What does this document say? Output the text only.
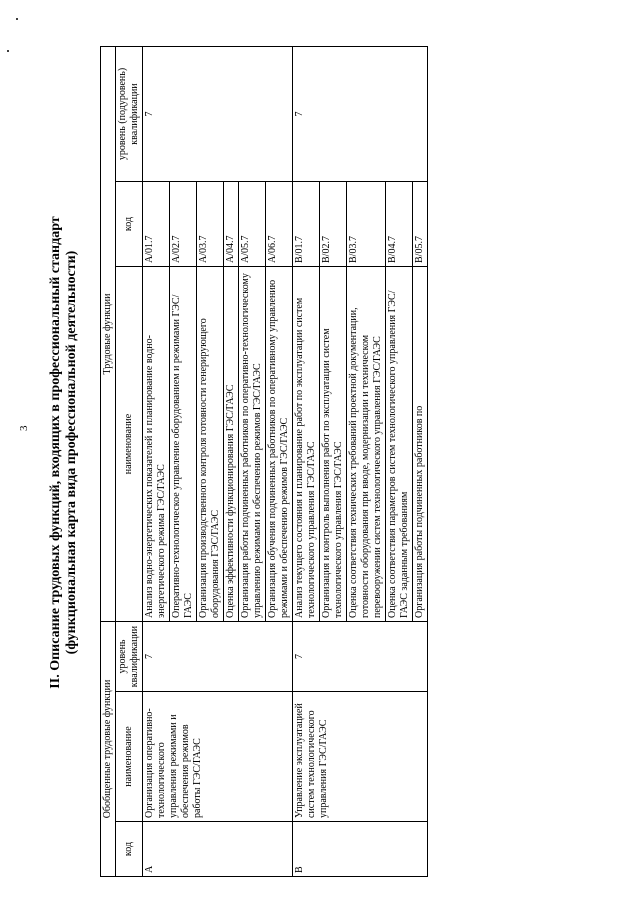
3 II. Описание трудовых функций, входящих в профессиональный стандарт (функциональная карта вида профессиональной деятельности)
Обобщенные трудовые функции			Трудовые функции		
код	наименование	уровень квалификации	наименование	код	уровень (подуровень) квалификации
A	Организация оперативно-технологического управления режимами и обеспечения режимов работы ГЭС/ГАЭС	7	Анализ водно-энергетических показателей и планирование водно-энергетического режима ГЭС/ГАЭС	A/01.7	7
			Оперативно-технологическое управление оборудованием и режимами ГЭС/ГАЭС	A/02.7	
			Организация производственного контроля готовности генерирующего оборудования ГЭС/ГАЭС	A/03.7	
			Оценка эффективности функционирования ГЭС/ГАЭС	A/04.7	
			Организация работы подчиненных работников по оперативно-технологическому управлению режимами и обеспечению режимов ГЭС/ГАЭС	A/05.7	
			Организация обучения подчиненных работников по оперативному управлению режимами и обеспечению режимов ГЭС/ГАЭС	A/06.7	
B	Управление эксплуатацией систем технологического управления ГЭС/ГАЭС	7	Анализ текущего состояния и планирование работ по эксплуатации систем технологического управления ГЭС/ГАЭС	B/01.7	7
			Организация и контроль выполнения работ по эксплуатации систем технологического управления ГЭС/ГАЭС	B/02.7	
			Оценка соответствия технических требований проектной документации, готовности оборудования при вводе, модернизации и техническом перевооружении систем технологического управления ГЭС/ГАЭС	B/03.7	
			Оценка соответствия параметров систем технологического управления ГЭС/ГАЭС заданным требованиям	B/04.7	
			Организация работы подчиненных работников по	B/05.7	
